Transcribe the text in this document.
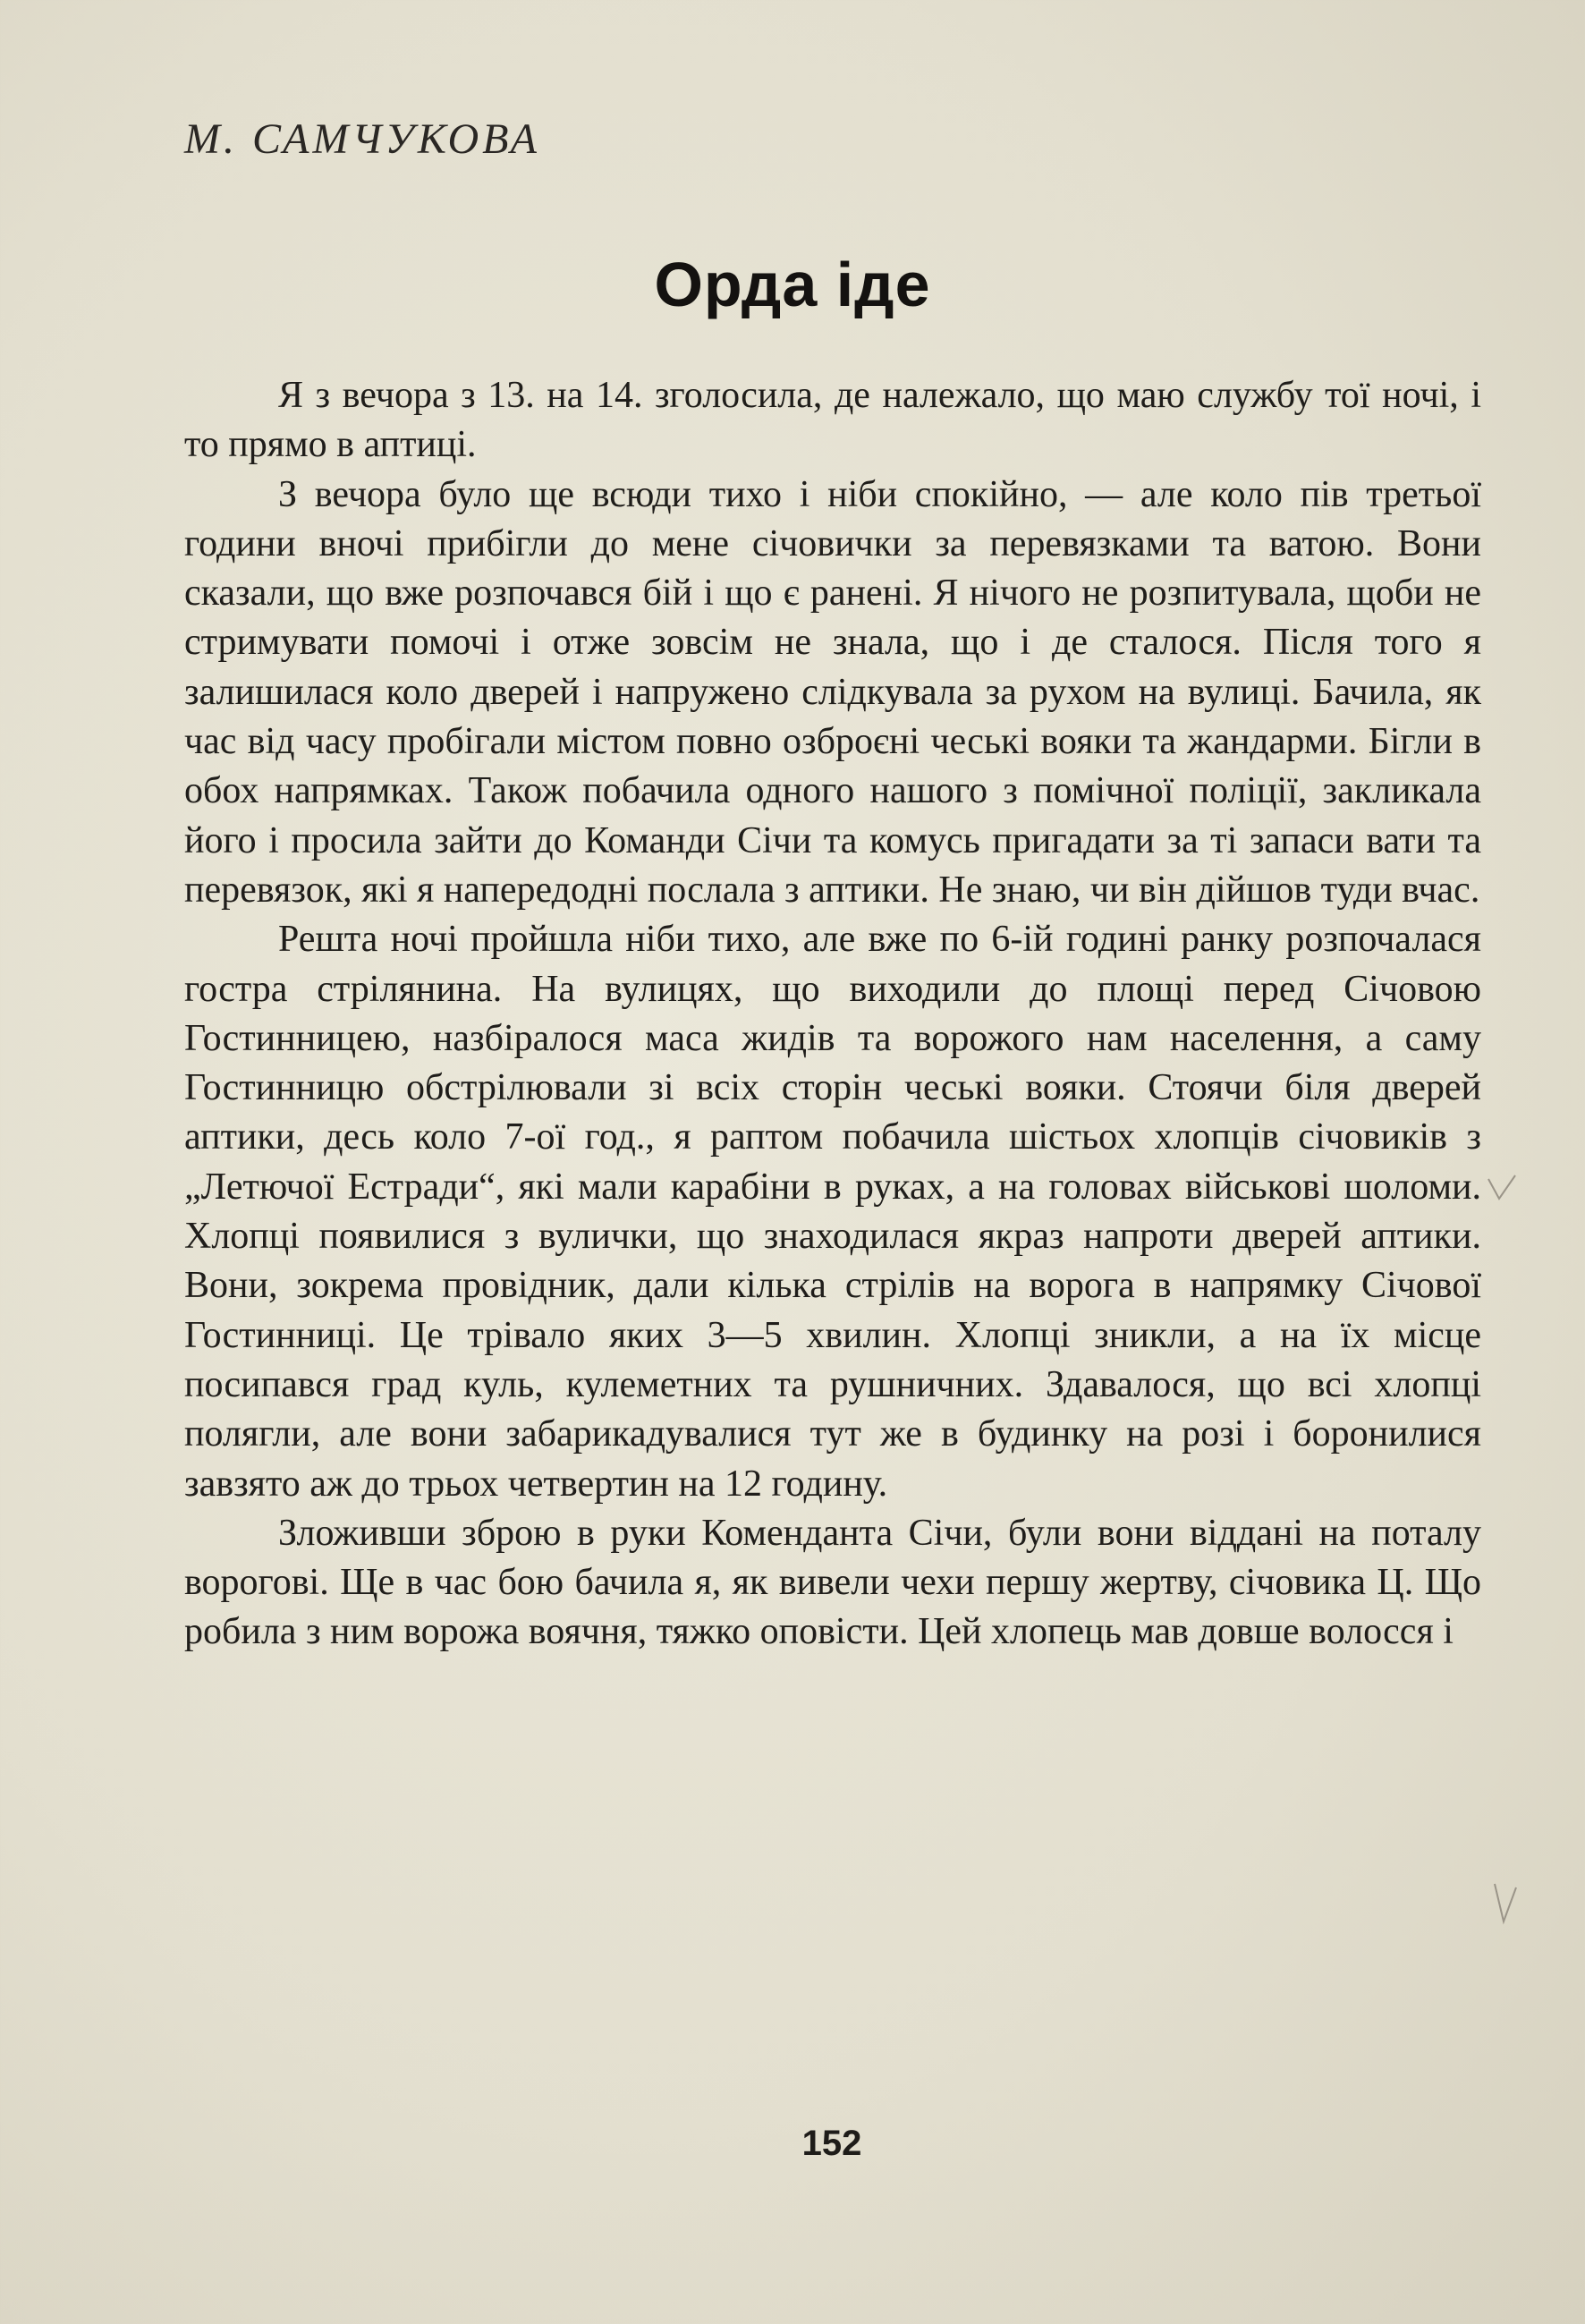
М. САМЧУКОВА
Орда іде

Я з вечора з 13. на 14. зголосила, де належало, що маю службу тої ночі, і то прямо в аптиці.

З вечора було ще всюди тихо і ніби спокійно, — але коло пів третьої години вночі прибігли до мене січовички за перевязками та ватою. Вони сказали, що вже розпочався бій і що є ранені. Я нічого не розпитувала, щоби не стримувати помочі і отже зовсім не знала, що і де сталося. Після того я залишилася коло дверей і напружено слідкувала за рухом на вулиці. Бачила, як час від часу пробігали містом повно озброєні чеські вояки та жандарми. Бігли в обох напрямках. Також побачила одного нашого з помічної поліції, закликала його і просила зайти до Команди Січи та комусь пригадати за ті запаси вати та перевязок, які я напередодні послала з аптики. Не знаю, чи він дійшов туди вчас.

Решта ночі пройшла ніби тихо, але вже по 6-ій годині ранку розпочалася гостра стрілянина. На вулицях, що виходили до площі перед Січовою Гостинницею, назбіралося маса жидів та ворожого нам населення, а саму Гостинницю обстрілювали зі всіх сторін чеські вояки. Стоячи біля дверей аптики, десь коло 7-ої год., я раптом побачила шістьох хлопців січовиків з „Летючої Естради“, які мали карабіни в руках, а на головах військові шоломи. Хлопці появилися з вулички, що знаходилася якраз напроти дверей аптики. Вони, зокрема провідник, дали кілька стрілів на ворога в напрямку Січової Гостинниці. Це трівало яких 3—5 хвилин. Хлопці зникли, а на їх місце посипався град куль, кулеметних та рушничних. Здавалося, що всі хлопці полягли, але вони забарикадувалися тут же в будинку на розі і боронилися завзято аж до трьох четвертин на 12 годину.

Зложивши зброю в руки Коменданта Січи, були вони віддані на поталу ворогові. Ще в час бою бачила я, як вивели чехи першу жертву, січовика Ц. Що робила з ним ворожа воячня, тяжко оповісти. Цей хлопець мав довше волосся і

152
